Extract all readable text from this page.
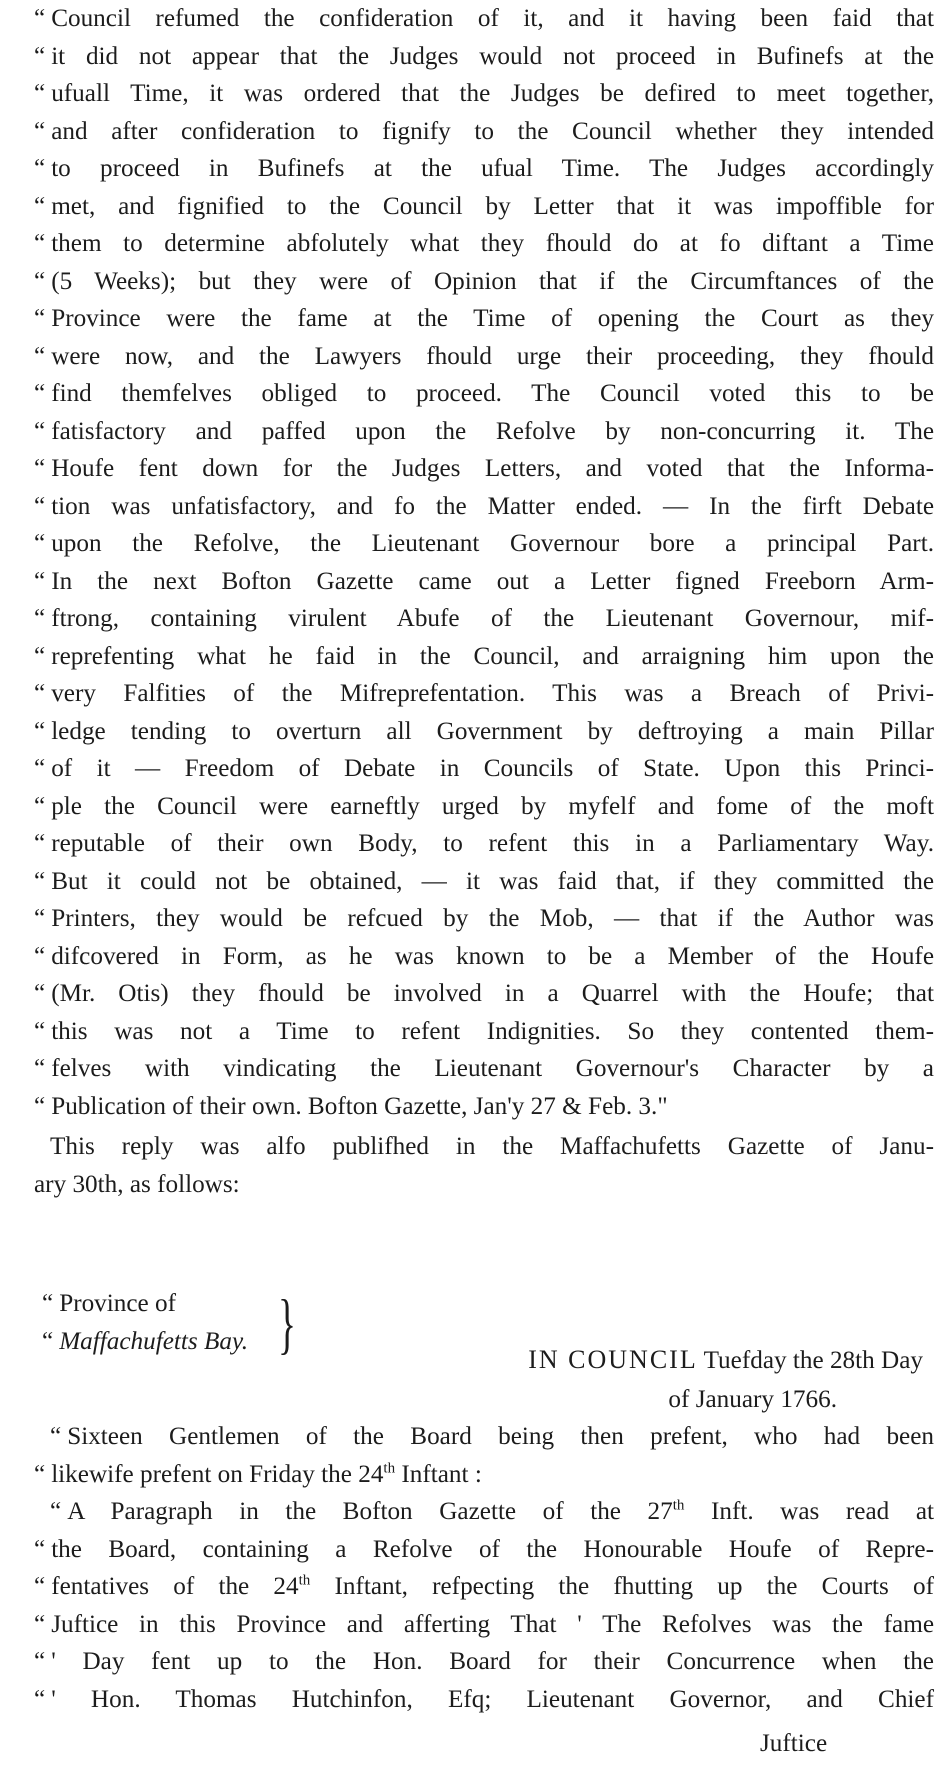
“ Council refumed the confideration of it, and it having been faid that
“ it did not appear that the Judges would not proceed in Bufinefs at the
“ ufuall Time, it was ordered that the Judges be defired to meet together,
“ and after confideration to fignify to the Council whether they intended
“ to proceed in Bufinefs at the ufual Time. The Judges accordingly
“ met, and fignified to the Council by Letter that it was impoffible for
“ them to determine abfolutely what they fhould do at fo diftant a Time
“ (5 Weeks); but they were of Opinion that if the Circumftances of the
“ Province were the fame at the Time of opening the Court as they
“ were now, and the Lawyers fhould urge their proceeding, they fhould
“ find themfelves obliged to proceed. The Council voted this to be
“ fatisfactory and paffed upon the Refolve by non-concurring it. The
“ Houfe fent down for the Judges Letters, and voted that the Informa-
“ tion was unfatisfactory, and fo the Matter ended. — In the firft Debate
“ upon the Refolve, the Lieutenant Governour bore a principal Part.
“ In the next Bofton Gazette came out a Letter figned Freeborn Arm-
“ ftrong, containing virulent Abufe of the Lieutenant Governour, mif-
“ reprefenting what he faid in the Council, and arraigning him upon the
“ very Falfities of the Mifreprefentation. This was a Breach of Privi-
“ ledge tending to overturn all Government by deftroying a main Pillar
“ of it — Freedom of Debate in Councils of State. Upon this Princi-
“ ple the Council were earneftly urged by myfelf and fome of the moft
“ reputable of their own Body, to refent this in a Parliamentary Way.
“ But it could not be obtained, — it was faid that, if they committed the
“ Printers, they would be refcued by the Mob, — that if the Author was
“ difcovered in Form, as he was known to be a Member of the Houfe
“ (Mr. Otis) they fhould be involved in a Quarrel with the Houfe; that
“ this was not a Time to refent Indignities. So they contented them-
“ felves with vindicating the Lieutenant Governour's Character by a
“ Publication of their own. Bofton Gazette, Jan'y 27 & Feb. 3."
This reply was alfo publifhed in the Maffachufetts Gazette of Janu-
ary 30th, as follows:
“ Province of
“ Maffachufetts Bay. }	IN COUNCIL Tuefday the 28th Day
of January 1766.
“ Sixteen Gentlemen of the Board being then prefent, who had been
“ likewife prefent on Friday the 24th Inftant :
“ A Paragraph in the Bofton Gazette of the 27th Inft. was read at
“ the Board, containing a Refolve of the Honourable Houfe of Repre-
“ fentatives of the 24th Inftant, refpecting the fhutting up the Courts of
“ Juftice in this Province and afferting That ' The Refolves was the fame
“ ' Day fent up to the Hon. Board for their Concurrence when the
“ ' Hon. Thomas Hutchinfon, Efq; Lieutenant Governor, and Chief
Juftice
